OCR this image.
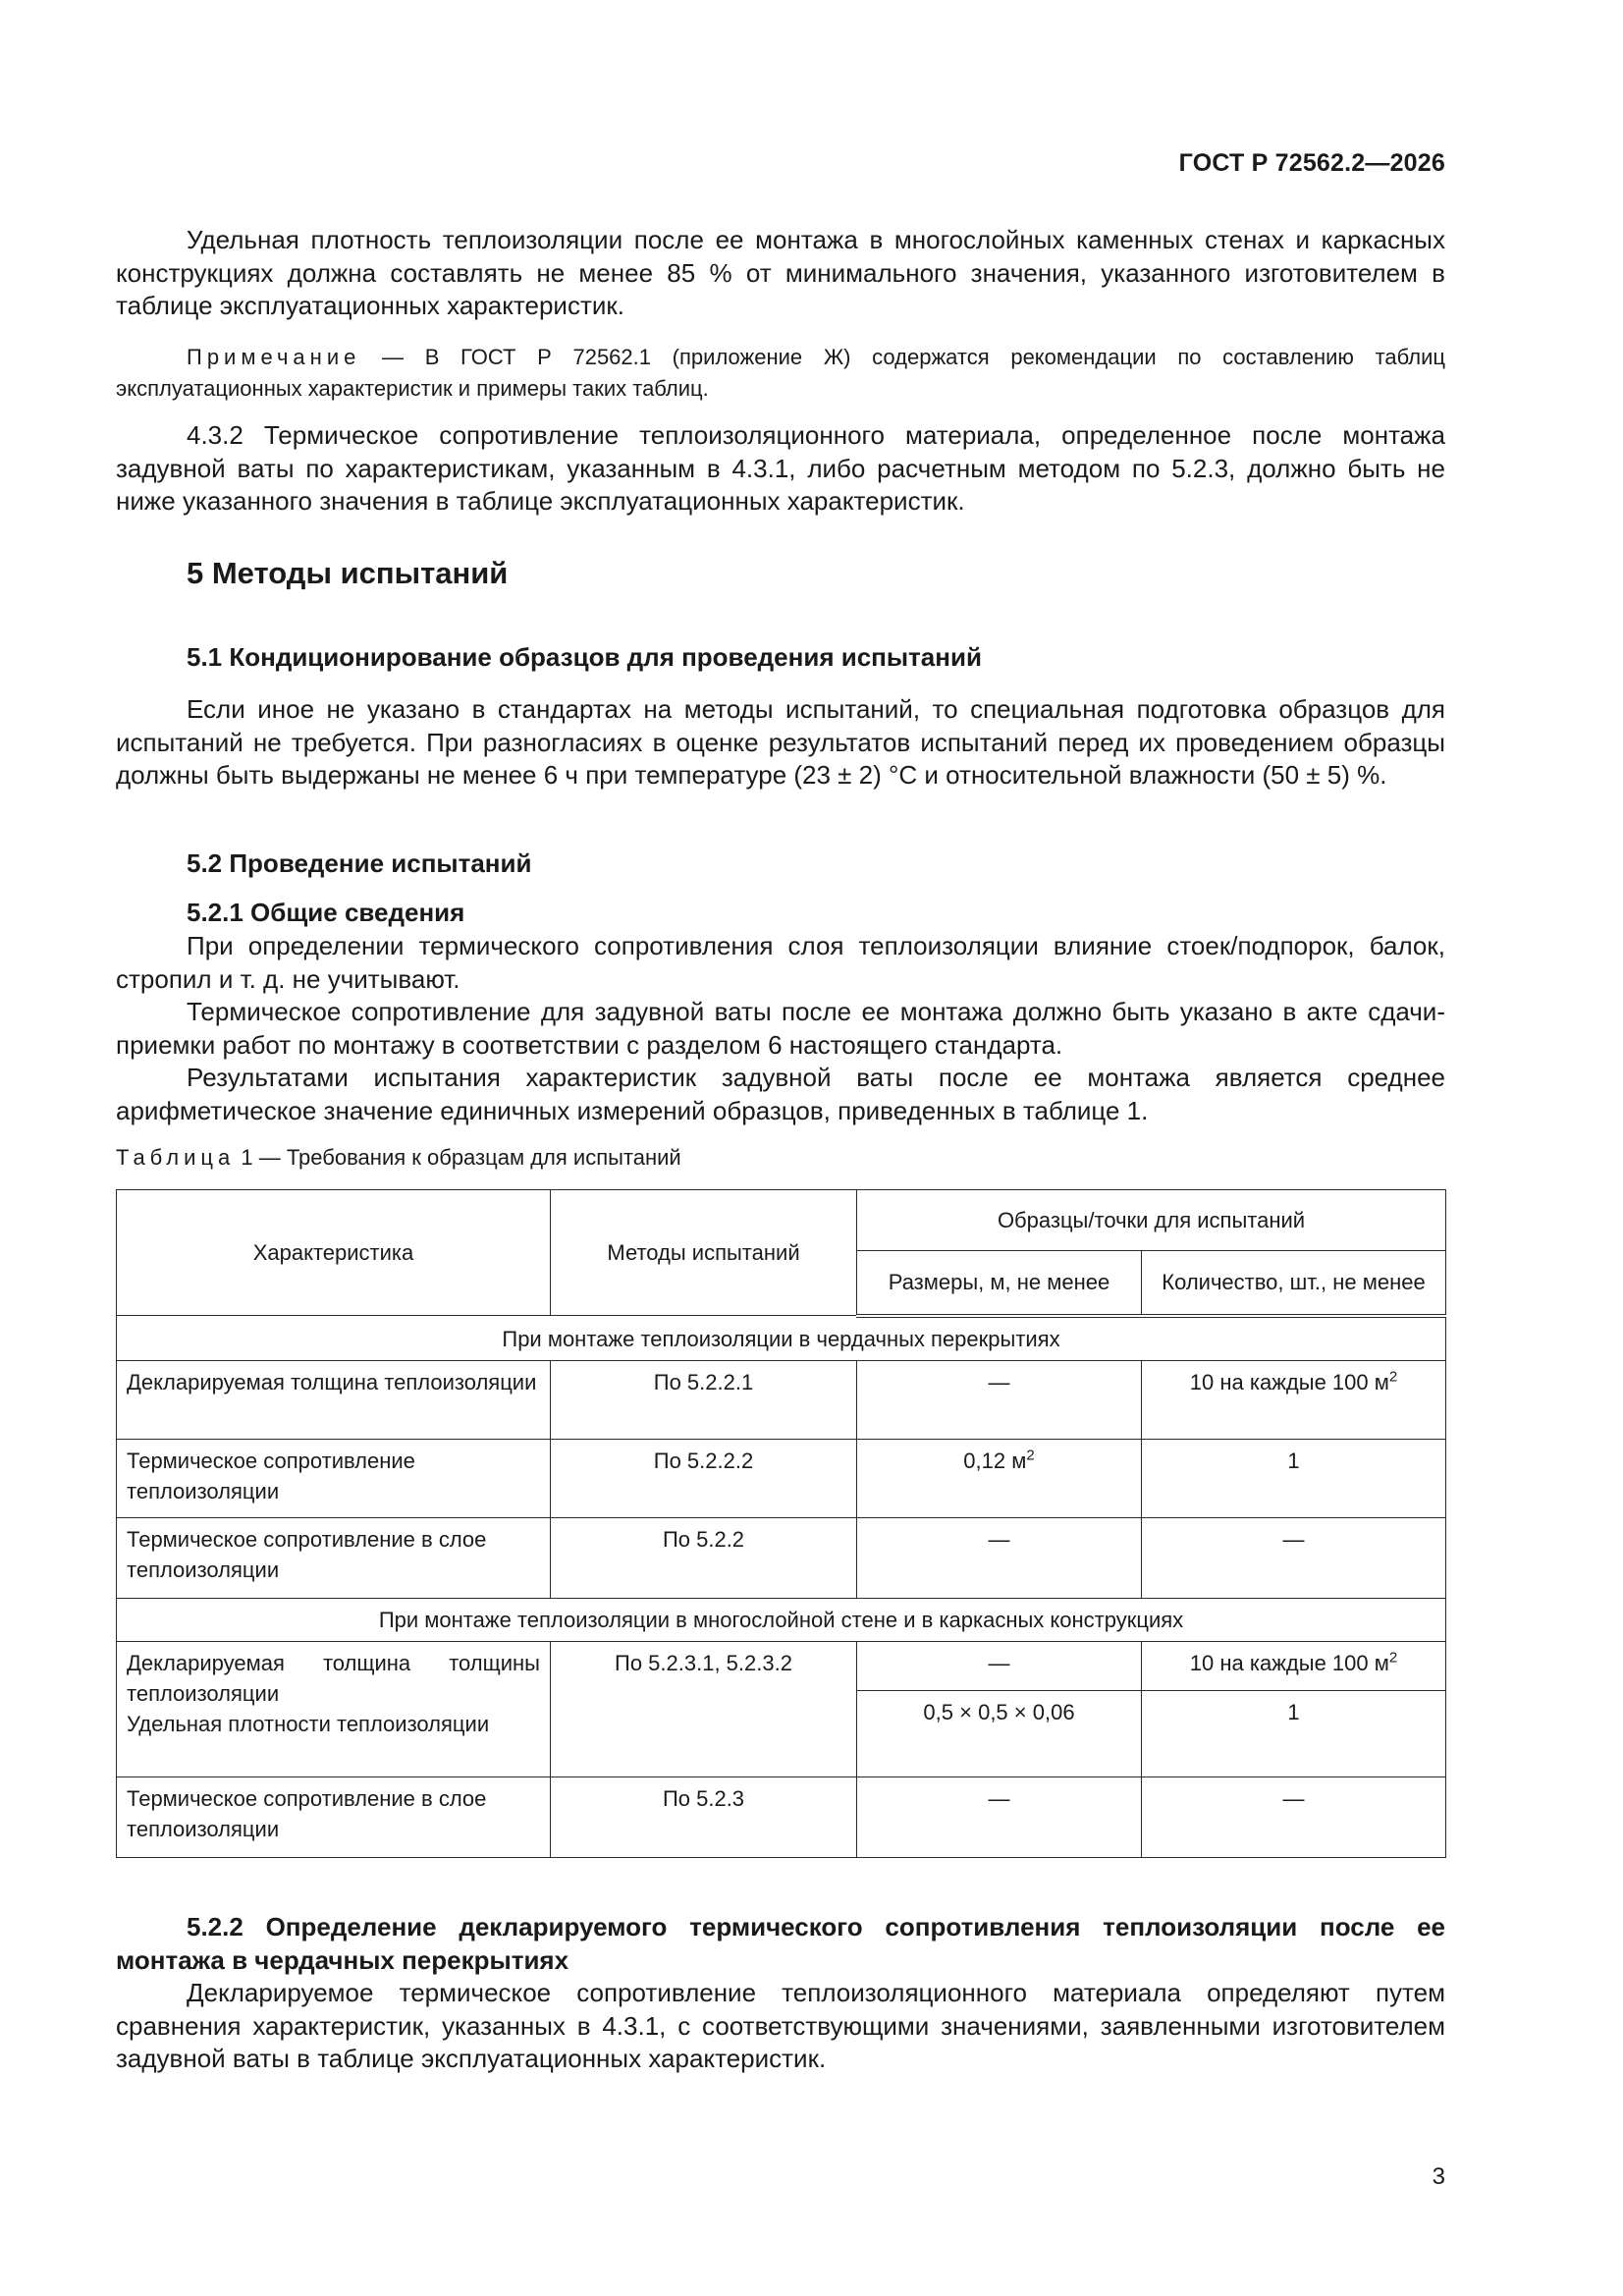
ГОСТ Р 72562.2—2026

Удельная плотность теплоизоляции после ее монтажа в многослойных каменных стенах и каркасных конструкциях должна составлять не менее 85 % от минимального значения, указанного изготовителем в таблице эксплуатационных характеристик.

Примечание — В ГОСТ Р 72562.1 (приложение Ж) содержатся рекомендации по составлению таблиц эксплуатационных характеристик и примеры таких таблиц.

4.3.2 Термическое сопротивление теплоизоляционного материала, определенное после монтажа задувной ваты по характеристикам, указанным в 4.3.1, либо расчетным методом по 5.2.3, должно быть не ниже указанного значения в таблице эксплуатационных характеристик.

5 Методы испытаний
5.1 Кондиционирование образцов для проведения испытаний

Если иное не указано в стандартах на методы испытаний, то специальная подготовка образцов для испытаний не требуется. При разногласиях в оценке результатов испытаний перед их проведением образцы должны быть выдержаны не менее 6 ч при температуре (23 ± 2) °С и относительной влажности (50 ± 5) %.

5.2 Проведение испытаний
5.2.1 Общие сведения

При определении термического сопротивления слоя теплоизоляции влияние стоек/подпорок, балок, стропил и т. д. не учитывают.

Термическое сопротивление для задувной ваты после ее монтажа должно быть указано в акте сдачи-приемки работ по монтажу в соответствии с разделом 6 настоящего стандарта.

Результатами испытания характеристик задувной ваты после ее монтажа является среднее арифметическое значение единичных измерений образцов, приведенных в таблице 1.

Таблица 1 — Требования к образцам для испытаний
Характеристика	Методы испытаний	Образцы/точки для испытаний	
		Размеры, м, не менее	Количество, шт., не менее
При монтаже теплоизоляции в чердачных перекрытиях			
Декларируемая толщина теплоизоляции	По 5.2.2.1	—	10 на каждые 100 $м^2$
Термическое сопротивление теплоизоляции	По 5.2.2.2	0,12 $м^2$	1
Термическое сопротивление в слое теплоизоляции	По 5.2.2	—	—
При монтаже теплоизоляции в многослойной стене и в каркасных конструкциях			

Декларируемая толщина толщины теплоизоляции
Удельная плотности теплоизоляции	По 5.2.3.1, 5.2.3.2	—	10 на каждые 100 $м^2$
		0,5 × 0,5 × 0,06	1
Термическое сопротивление в слое теплоизоляции	По 5.2.3	—	—

5.2.2 Определение декларируемого термического сопротивления теплоизоляции после ее монтажа в чердачных перекрытиях

Декларируемое термическое сопротивление теплоизоляционного материала определяют путем сравнения характеристик, указанных в 4.3.1, с соответствующими значениями, заявленными изготовителем задувной ваты в таблице эксплуатационных характеристик.

3
